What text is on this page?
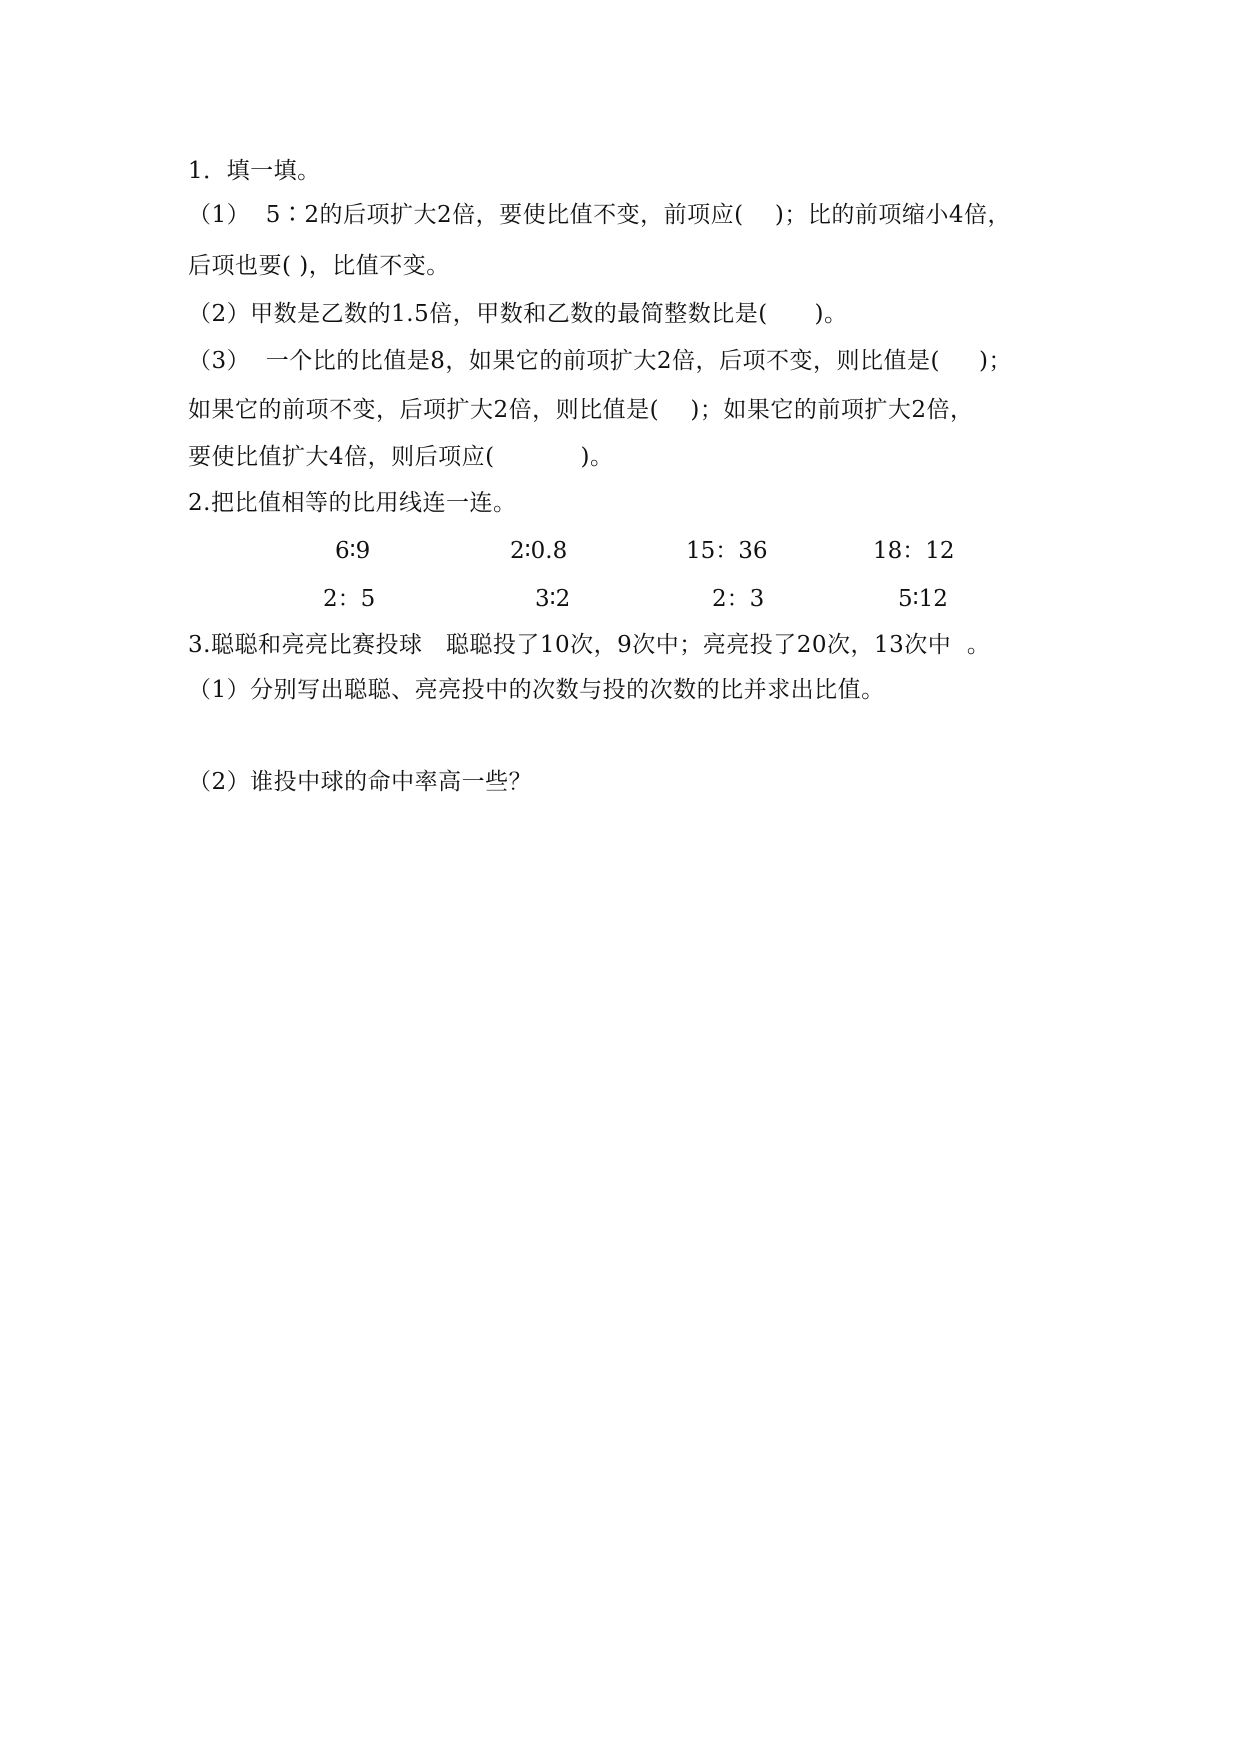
1．填一填。
（1）  5∶2的后项扩大2倍，要使比值不变，前项应(    )；比的前项缩小4倍，
后项也要( )，比值不变。
（2）甲数是乙数的1.5倍，甲数和乙数的最简整数比是(      )。
（3）  一个比的比值是8，如果它的前项扩大2倍，后项不变，则比值是(     )；
如果它的前项不变，后项扩大2倍，则比值是(    )；如果它的前项扩大2倍，
要使比值扩大4倍，则后项应(           )。
2.把比值相等的比用线连一连。
6∶9	2∶0.8	15：36	18：12
2：5	3∶2	2：3	5∶12
3.聪聪和亮亮比赛投球   聪聪投了10次，9次中；亮亮投了20次，13次中  。
（1）分别写出聪聪、亮亮投中的次数与投的次数的比并求出比值。
（2）谁投中球的命中率高一些？
